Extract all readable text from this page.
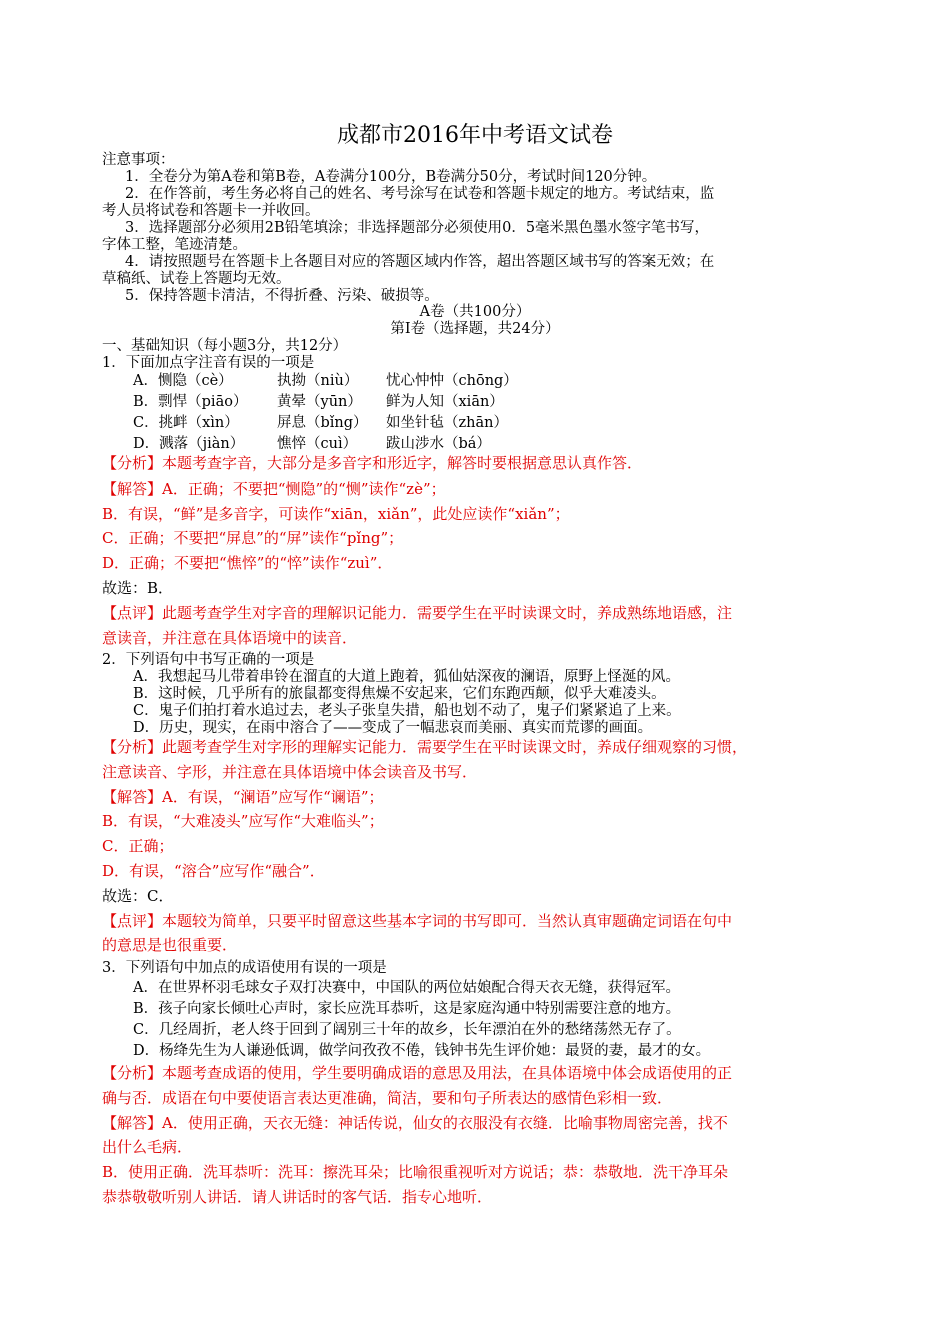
成都市2016年中考语文试卷
注意事项：
1．全卷分为第A卷和第B卷，A卷满分100分，B卷满分50分，考试时间120分钟。
2．在作答前，考生务必将自己的姓名、考号涂写在试卷和答题卡规定的地方。考试结束，监
考人员将试卷和答题卡一并收回。
3．选择题部分必须用2B铅笔填涂；非选择题部分必须使用0．5毫米黑色墨水签字笔书写，
字体工整，笔迹清楚。
4．请按照题号在答题卡上各题目对应的答题区域内作答，超出答题区域书写的答案无效；在
草稿纸、试卷上答题均无效。
5．保持答题卡清洁，不得折叠、污染、破损等。
A卷（共100分）
第Ⅰ卷（选择题，共24分）
一、基础知识（每小题3分，共12分）
1．下面加点字注音有误的一项是
A．恻隐（cè）	执拗（niù） 忧心忡忡（chōng）
B．剽悍（piāo） 黄晕（yūn） 鲜为人知（xiān）
C．挑衅（xìn）	屏息（bǐng） 如坐针毡（zhān）
D．溅落（jiàn） 憔悴（cuì） 跋山涉水（bá）
【分析】本题考查字音，大部分是多音字和形近字，解答时要根据意思认真作答．
【解答】A．正确；不要把“恻隐”的“恻”读作“zè”；
B．有误，“鲜”是多音字，可读作“xiān，xiǎn”，此处应读作“xiǎn”；
C．正确；不要把“屏息”的“屏”读作“pǐng”；
D．正确；不要把“憔悴”的“悴”读作“zuì”．
故选：B．
【点评】此题考查学生对字音的理解识记能力．需要学生在平时读课文时，养成熟练地语感，注
意读音，并注意在具体语境中的读音．
2．下列语句中书写正确的一项是
A．我想起马儿带着串铃在溜直的大道上跑着，狐仙姑深夜的澜语，原野上怪涎的风。
B．这时候，几乎所有的旅鼠都变得焦燥不安起来，它们东跑西颠，似乎大难凌头。
C．鬼子们拍打着水追过去，老头子张皇失措，船也划不动了，鬼子们紧紧追了上来。
D．历史，现实，在雨中溶合了——变成了一幅悲哀而美丽、真实而荒谬的画面。
【分析】此题考查学生对字形的理解实记能力．需要学生在平时读课文时，养成仔细观察的习惯，
注意读音、字形，并注意在具体语境中体会读音及书写．
【解答】A．有误，“澜语”应写作“谰语”；
B．有误，“大难凌头”应写作“大难临头”；
C．正确；
D．有误，“溶合”应写作“融合”．
故选：C．
【点评】本题较为简单，只要平时留意这些基本字词的书写即可．当然认真审题确定词语在句中
的意思是也很重要．
3．下列语句中加点的成语使用有误的一项是
A．在世界杯羽毛球女子双打决赛中，中国队的两位姑娘配合得天衣无缝，获得冠军。
B．孩子向家长倾吐心声时，家长应洗耳恭听，这是家庭沟通中特别需要注意的地方。
C．几经周折，老人终于回到了阔别三十年的故乡，长年漂泊在外的愁绪荡然无存了。
D．杨绛先生为人谦逊低调，做学问孜孜不倦，钱钟书先生评价她：最贤的妻，最才的女。
【分析】本题考查成语的使用，学生要明确成语的意思及用法，在具体语境中体会成语使用的正
确与否．成语在句中要使语言表达更准确，简洁，要和句子所表达的感情色彩相一致．
【解答】A．使用正确，天衣无缝：神话传说，仙女的衣服没有衣缝．比喻事物周密完善，找不
出什么毛病．
B．使用正确．洗耳恭听：洗耳：擦洗耳朵；比喻很重视听对方说话；恭：恭敬地．洗干净耳朵
恭恭敬敬听别人讲话．请人讲话时的客气话．指专心地听．
